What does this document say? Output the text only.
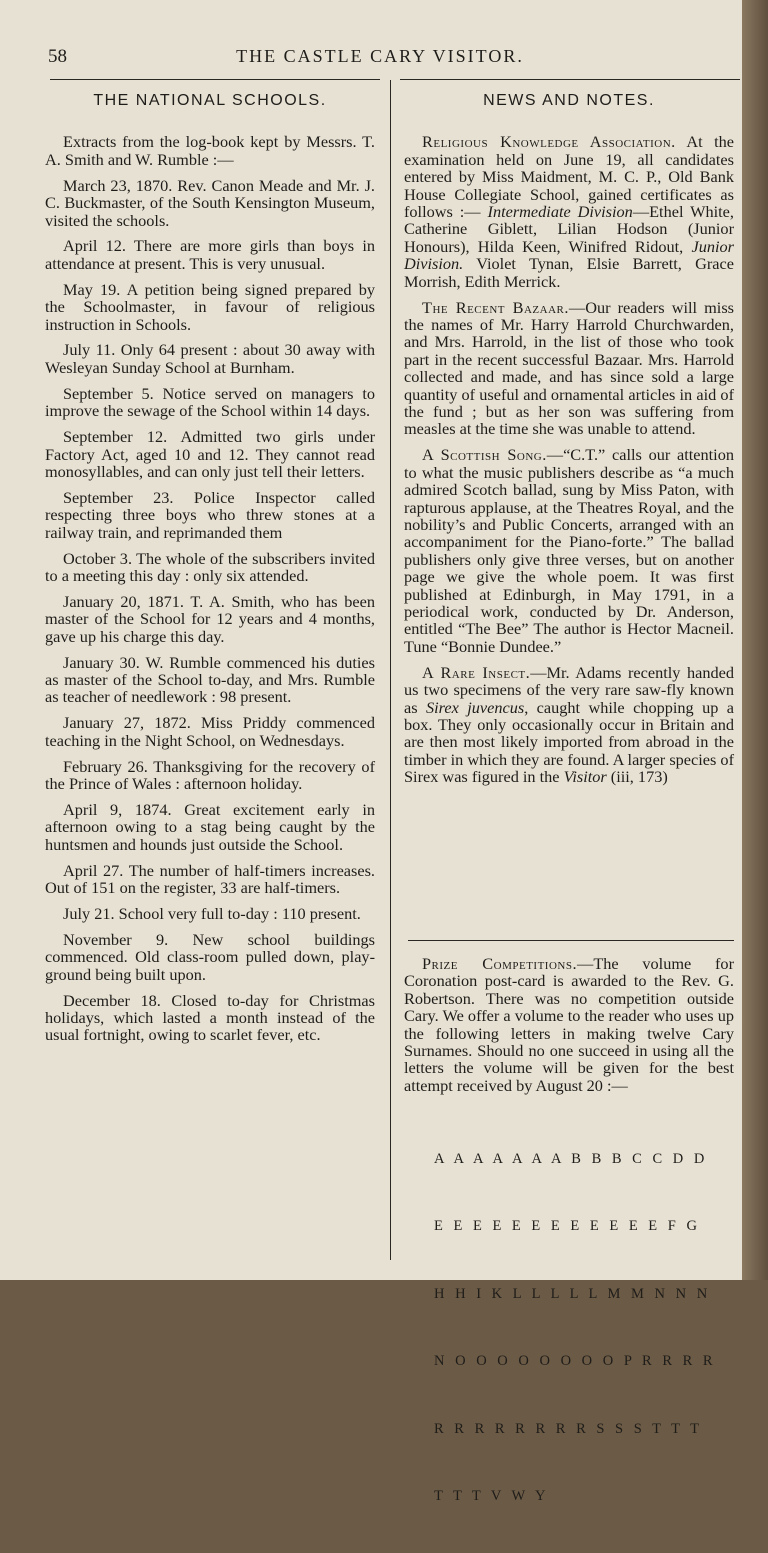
58	THE CASTLE CARY VISITOR.
THE NATIONAL SCHOOLS.

Extracts from the log-book kept by Messrs. T. A. Smith and W. Rumble :—

March 23, 1870. Rev. Canon Meade and Mr. J. C. Buckmaster, of the South Kensington Museum, visited the schools.

April 12. There are more girls than boys in attendance at present. This is very unusual.

May 19. A petition being signed prepared by the Schoolmaster, in favour of religious instruction in Schools.

July 11. Only 64 present : about 30 away with Wesleyan Sunday School at Burnham.

September 5. Notice served on managers to improve the sewage of the School within 14 days.

September 12. Admitted two girls under Factory Act, aged 10 and 12. They cannot read monosyllables, and can only just tell their letters.

September 23. Police Inspector called respecting three boys who threw stones at a railway train, and reprimanded them

October 3. The whole of the subscribers invited to a meeting this day : only six attended.

January 20, 1871. T. A. Smith, who has been master of the School for 12 years and 4 months, gave up his charge this day.

January 30. W. Rumble commenced his duties as master of the School to-day, and Mrs. Rumble as teacher of needlework : 98 present.

January 27, 1872. Miss Priddy commenced teaching in the Night School, on Wednesdays.

February 26. Thanksgiving for the recovery of the Prince of Wales : afternoon holiday.

April 9, 1874. Great excitement early in afternoon owing to a stag being caught by the huntsmen and hounds just outside the School.

April 27. The number of half-timers increases. Out of 151 on the register, 33 are half-timers.

July 21. School very full to-day : 110 present.

November 9. New school buildings commenced. Old class-room pulled down, play-ground being built upon.

December 18. Closed to-day for Christmas holidays, which lasted a month instead of the usual fortnight, owing to scarlet fever, etc.

NEWS AND NOTES.

Religious Knowledge Association. At the examination held on June 19, all candidates entered by Miss Maidment, M. C. P., Old Bank House Collegiate School, gained certificates as follows :— Intermediate Division—Ethel White, Catherine Giblett, Lilian Hodson (Junior Honours), Hilda Keen, Winifred Ridout, Junior Division. Violet Tynan, Elsie Barrett, Grace Morrish, Edith Merrick.

The Recent Bazaar.—Our readers will miss the names of Mr. Harry Harrold Churchwarden, and Mrs. Harrold, in the list of those who took part in the recent successful Bazaar. Mrs. Harrold collected and made, and has since sold a large quantity of useful and ornamental articles in aid of the fund ; but as her son was suffering from measles at the time she was unable to attend.

A Scottish Song.—“C.T.” calls our attention to what the music publishers describe as “a much admired Scotch ballad, sung by Miss Paton, with rapturous applause, at the Theatres Royal, and the nobility’s and Public Concerts, arranged with an accompaniment for the Piano-forte.” The ballad publishers only give three verses, but on another page we give the whole poem. It was first published at Edinburgh, in May 1791, in a periodical work, conducted by Dr. Anderson, entitled “The Bee” The author is Hector Macneil. Tune “Bonnie Dundee.”

A Rare Insect.—Mr. Adams recently handed us two specimens of the very rare saw-fly known as Sirex juvencus, caught while chopping up a box. They only occasionally occur in Britain and are then most likely imported from abroad in the timber in which they are found. A larger species of Sirex was figured in the Visitor (iii, 173)

Prize Competitions.—The volume for Coronation post-card is awarded to the Rev. G. Robertson. There was no competition outside Cary. We offer a volume to the reader who uses up the following letters in making twelve Cary Surnames. Should no one succeed in using all the letters the volume will be given for the best attempt received by August 20 :—

A A A A A A A B B B C C D D

E E E E E E E E E E E E F G

H H I K L L L L L M M N N N

N O O O O O O O O P R R R R

R R R R R R R R S S S T T T

T T T V W Y
